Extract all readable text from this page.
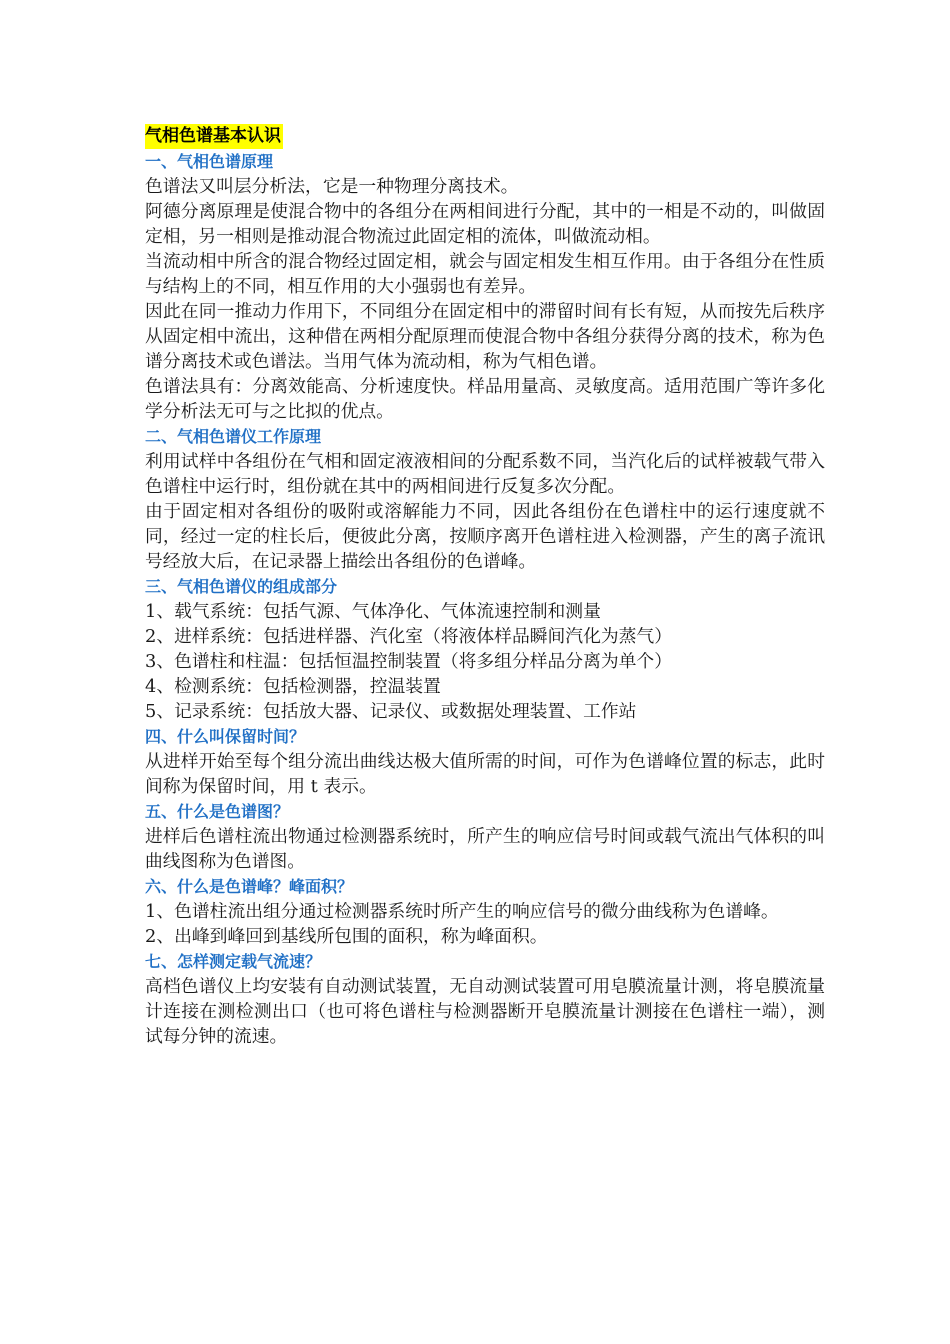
气相色谱基本认识
一、气相色谱原理

色谱法又叫层分析法，它是一种物理分离技术。

阿德分离原理是使混合物中的各组分在两相间进行分配，其中的一相是不动的，叫做固定相，另一相则是推动混合物流过此固定相的流体，叫做流动相。

当流动相中所含的混合物经过固定相，就会与固定相发生相互作用。由于各组分在性质与结构上的不同，相互作用的大小强弱也有差异。

因此在同一推动力作用下，不同组分在固定相中的滞留时间有长有短，从而按先后秩序从固定相中流出，这种借在两相分配原理而使混合物中各组分获得分离的技术，称为色谱分离技术或色谱法。当用气体为流动相，称为气相色谱。

色谱法具有：分离效能高、分析速度快。样品用量高、灵敏度高。适用范围广等许多化学分析法无可与之比拟的优点。

二、气相色谱仪工作原理

利用试样中各组份在气相和固定液液相间的分配系数不同，当汽化后的试样被载气带入色谱柱中运行时，组份就在其中的两相间进行反复多次分配。

由于固定相对各组份的吸附或溶解能力不同，因此各组份在色谱柱中的运行速度就不同，经过一定的柱长后，便彼此分离，按顺序离开色谱柱进入检测器，产生的离子流讯号经放大后，在记录器上描绘出各组份的色谱峰。

三、气相色谱仪的组成部分

1、载气系统：包括气源、气体净化、气体流速控制和测量

2、进样系统：包括进样器、汽化室（将液体样品瞬间汽化为蒸气）

3、色谱柱和柱温：包括恒温控制装置（将多组分样品分离为单个）

4、检测系统：包括检测器，控温装置

5、记录系统：包括放大器、记录仪、或数据处理装置、工作站

四、什么叫保留时间？

从进样开始至每个组分流出曲线达极大值所需的时间，可作为色谱峰位置的标志，此时间称为保留时间，用 t 表示。

五、什么是色谱图？

进样后色谱柱流出物通过检测器系统时，所产生的响应信号时间或载气流出气体积的叫曲线图称为色谱图。

六、什么是色谱峰？峰面积？

1、色谱柱流出组分通过检测器系统时所产生的响应信号的微分曲线称为色谱峰。

2、出峰到峰回到基线所包围的面积，称为峰面积。

七、怎样测定载气流速？

高档色谱仪上均安装有自动测试装置，无自动测试装置可用皂膜流量计测，将皂膜流量计连接在测检测出口（也可将色谱柱与检测器断开皂膜流量计测接在色谱柱一端），测试每分钟的流速。
